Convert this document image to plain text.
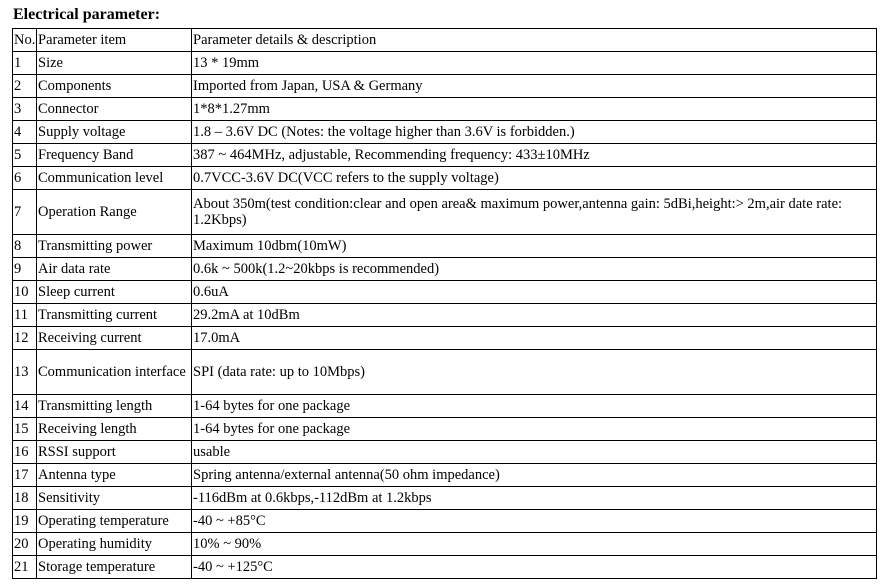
Electrical parameter:
No.	Parameter item	Parameter details & description
1	Size	13 * 19mm
2	Components	Imported from Japan, USA & Germany
3	Connector	1*8*1.27mm
4	Supply voltage	1.8 – 3.6V DC (Notes: the voltage higher than 3.6V is forbidden.)
5	Frequency Band	387 ~ 464MHz, adjustable, Recommending frequency: 433±10MHz
6	Communication level	0.7VCC-3.6V DC(VCC refers to the supply voltage)
7	Operation Range	About 350m(test condition:clear and open area& maximum power,antenna gain: 5dBi,height:> 2m,air date rate: 1.2Kbps)
8	Transmitting power	Maximum 10dbm(10mW)
9	Air data rate	0.6k ~ 500k(1.2~20kbps is recommended)
10	Sleep current	0.6uA
11	Transmitting current	29.2mA at 10dBm
12	Receiving current	17.0mA
13	Communication interface	SPI (data rate: up to 10Mbps)
14	Transmitting length	1-64 bytes for one package
15	Receiving length	1-64 bytes for one package
16	RSSI support	usable
17	Antenna type	Spring antenna/external antenna(50 ohm impedance)
18	Sensitivity	-116dBm at 0.6kbps,-112dBm at 1.2kbps
19	Operating temperature	-40 ~ +85°C
20	Operating humidity	10% ~ 90%
21	Storage temperature	-40 ~ +125°C
